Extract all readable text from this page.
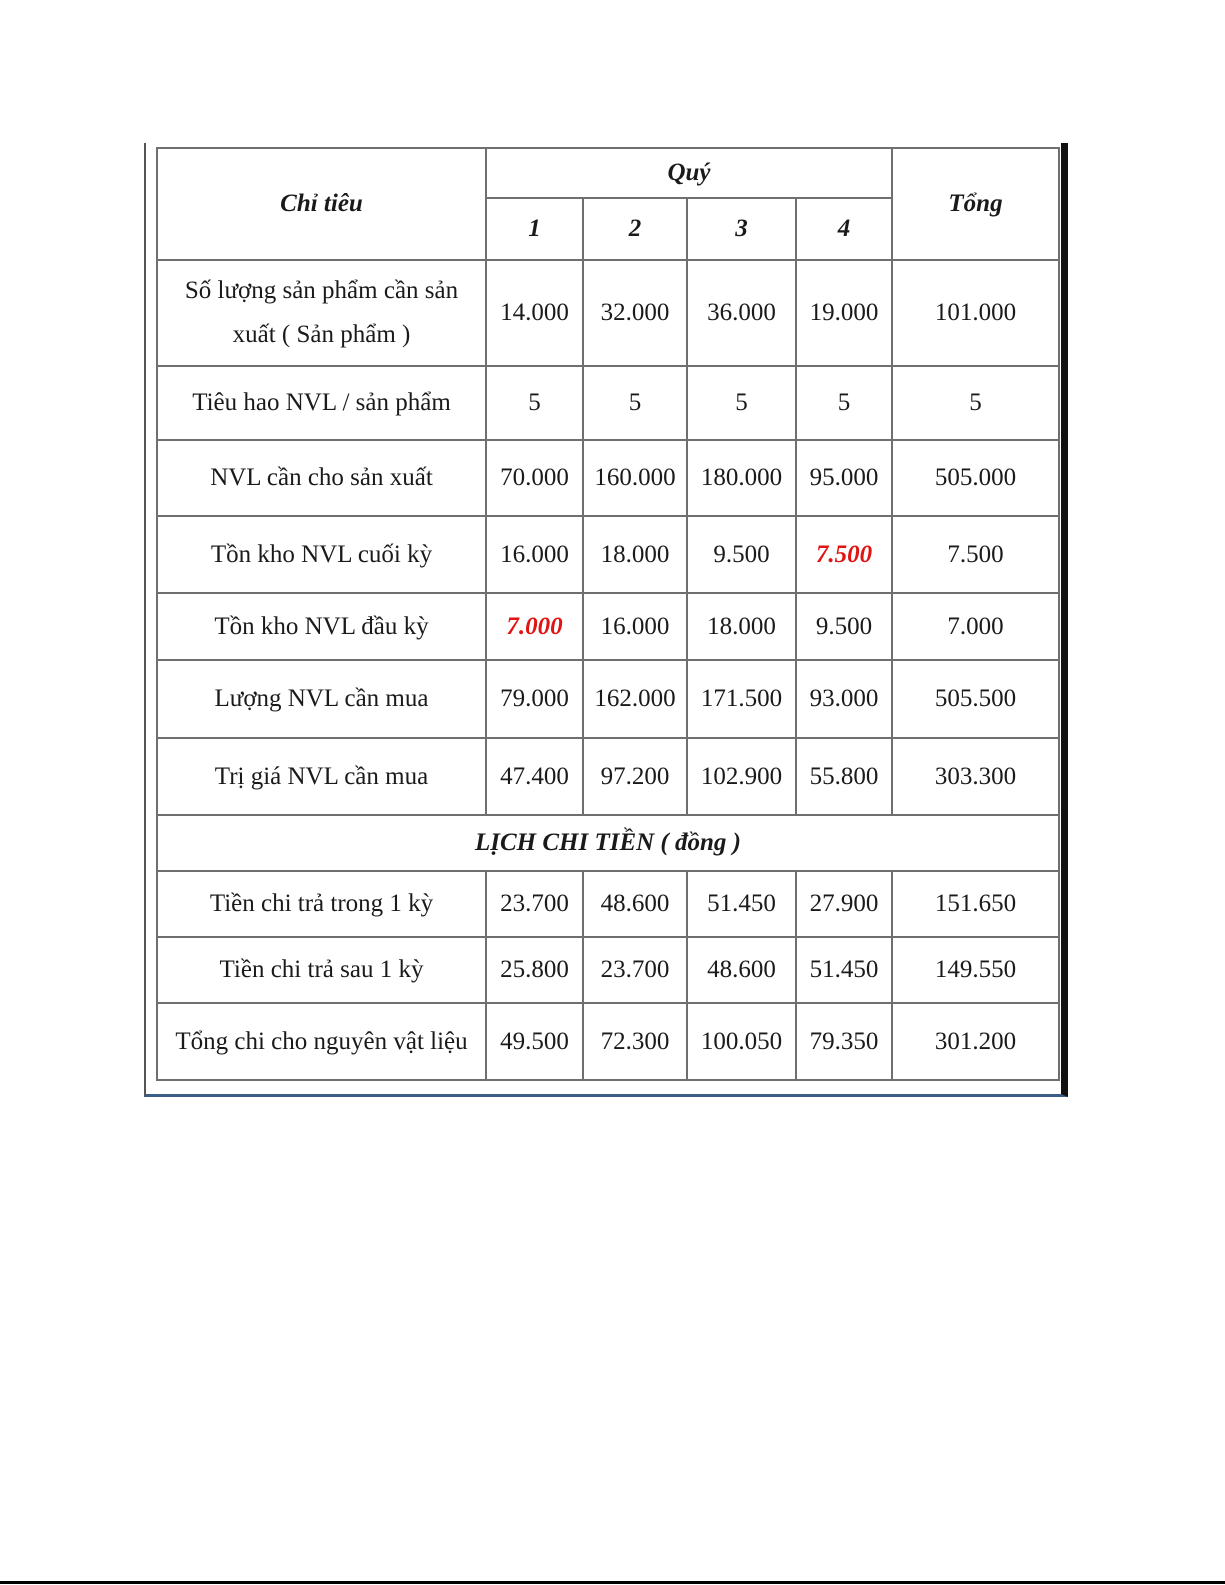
Chỉ tiêu	Quý				Tổng
	1	2	3	4	
Số lượng sản phẩm cần sản xuất ( Sản phẩm )	14.000	32.000	36.000	19.000	101.000
Tiêu hao NVL / sản phẩm	5	5	5	5	5
NVL cần cho sản xuất	70.000	160.000	180.000	95.000	505.000
Tồn kho NVL cuối kỳ	16.000	18.000	9.500	7.500	7.500
Tồn kho NVL đầu kỳ	7.000	16.000	18.000	9.500	7.000
Lượng NVL cần mua	79.000	162.000	171.500	93.000	505.500
Trị giá NVL cần mua	47.400	97.200	102.900	55.800	303.300
LỊCH CHI TIỀN ( đồng )					
Tiền chi trả trong 1 kỳ	23.700	48.600	51.450	27.900	151.650
Tiền chi trả sau 1 kỳ	25.800	23.700	48.600	51.450	149.550
Tổng chi cho nguyên vật liệu	49.500	72.300	100.050	79.350	301.200
